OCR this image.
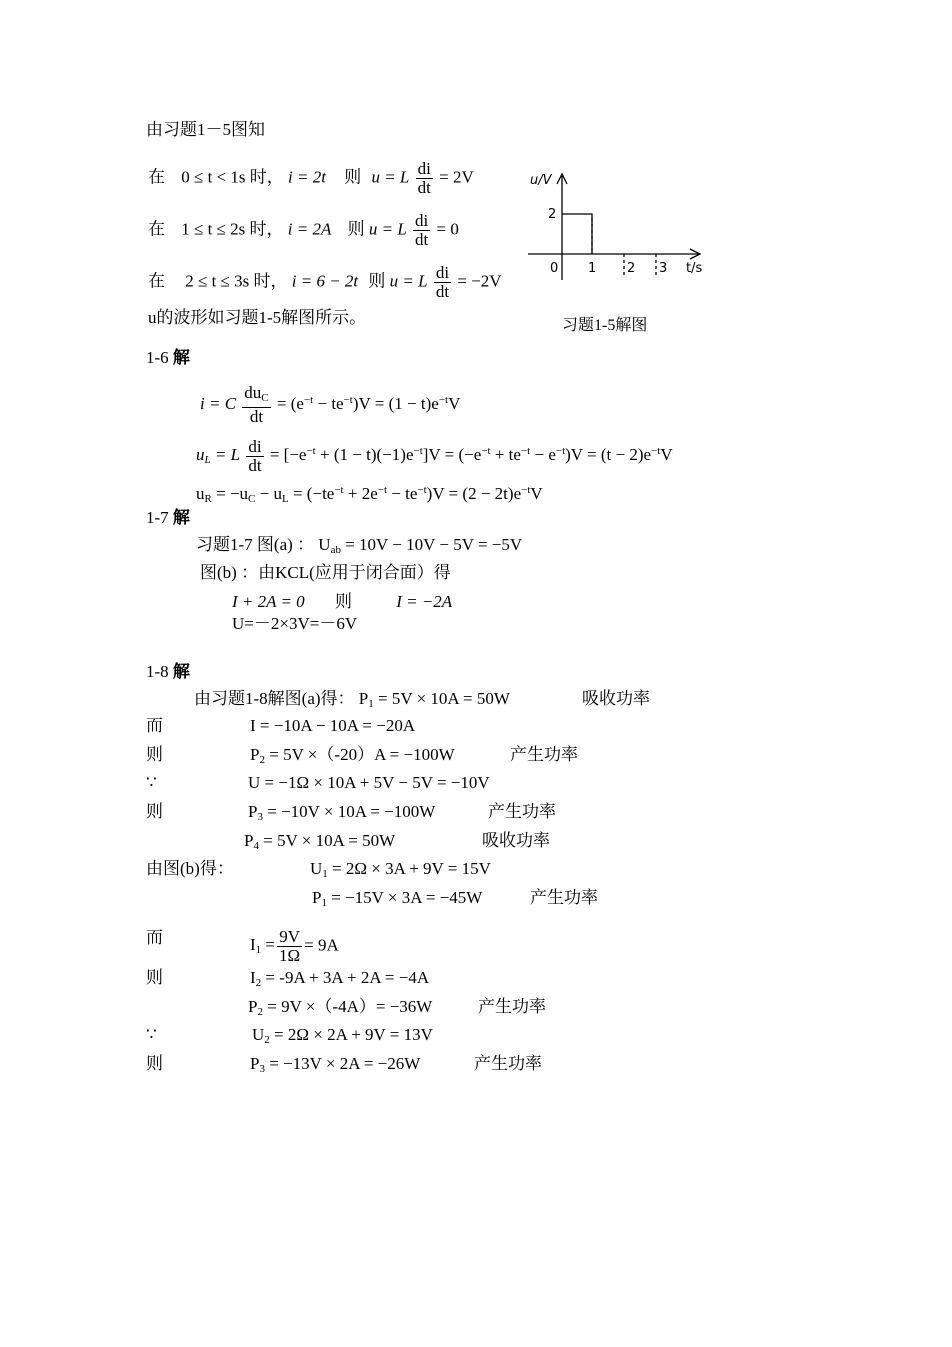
由习题1－5图知
在 0 ≤ t < 1s 时， i = 2t 则 u = L $\frac{di}{dt} = 2V$
在 1 ≤ t ≤ 2s 时， i = 2A 则 u = L $\frac{di}{dt} = 0$
在 2 ≤ t ≤ 3s 时， i = 6 − 2t 则 u = L $\frac{di}{dt} = -2V$
u的波形如习题1‑5解图所示。
u/V
2
0 1 2 3 t/s
习题1‑5解图
1-6 解
i = C $\frac{du_C}{dt} = (e^{-t} - te^{-t})V = (1 - t)e^{-t}V$
$u_L = L \frac{di}{dt} = [-e^{-t} + (1 - t)(-1)e^{-t}]V = (-e^{-t} + te^{-t} - e^{-t})V = (t - 2)e^{-t}V$
$u_R = -u_C - u_L = (-te^{-t} + 2e^{-t} - te^{-t})V = (2 - 2t)e^{-t}V$
1-7 解
习题1‑7 图(a) ： $U_{ab} = 10V - 10V - 5V = -5V$
图(b) ：由KCL(应用于闭合面）得
I + 2A = 0 则	I = −2A
U=－2×3V=－6V
1-8 解
由习题1‑8解图(a)得： $P_1 = 5V \times 10A = 50W$	吸收功率
而	I = −10A − 10A = −20A
则	$P_2 = 5V$ ×（‑20）A = −100W	产生功率
∵	U = −1Ω × 10A + 5V − 5V = −10V
则	$P_3 = -10V \times 10A = -100W$	产生功率
$P_4 = 5V \times 10A = 50W$	吸收功率
由图(b)得：	$U_1 = 2\Omega \times 3A + 9V = 15V$
$P_1 = -15V \times 3A = -45W$	产生功率
而	$I_1 = \frac{9V}{1\Omega} = 9A$
则	$I_2$ = ‑9A + 3A + 2A = −4A
$P_2 = 9V$ ×（‑4A）= −36W	产生功率
∵	$U_2 = 2\Omega \times 2A + 9V = 13V$
则	$P_3 = -13V \times 2A = -26W$	产生功率
